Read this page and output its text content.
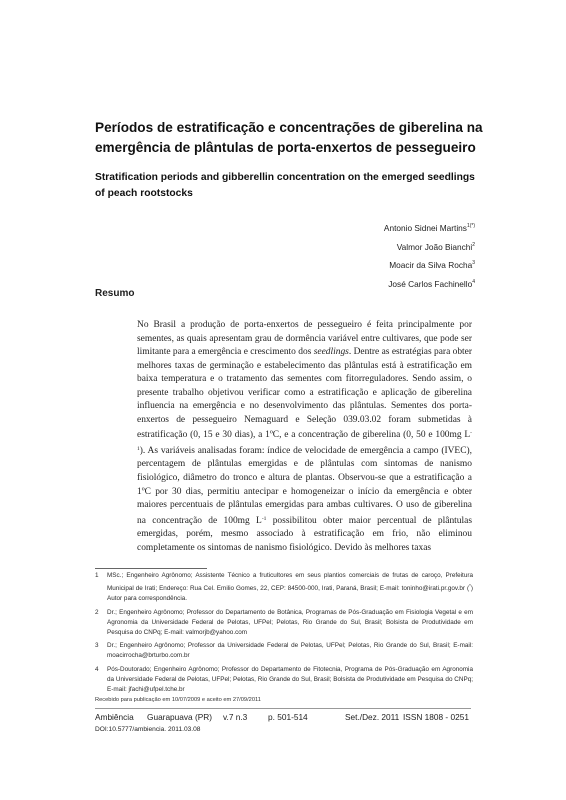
Períodos de estratificação e concentrações de giberelina na emergência de plântulas de porta-enxertos de pessegueiro
Stratification periods and gibberellin concentration on the emerged seedlings of peach rootstocks
Antonio Sidnei Martins$^{1(*)}$
Valmor João Bianchi$^2$
Moacir da Silva Rocha$^3$
José Carlos Fachinello$^4$
Resumo
No Brasil a produção de porta-enxertos de pessegueiro é feita principalmente por sementes, as quais apresentam grau de dormência variável entre cultivares, que pode ser limitante para a emergência e crescimento dos seedlings. Dentre as estratégias para obter melhores taxas de germinação e estabelecimento das plântulas está à estratificação em baixa temperatura e o tratamento das sementes com fitorreguladores. Sendo assim, o presente trabalho objetivou verificar como a estratificação e aplicação de giberelina influencia na emergência e no desenvolvimento das plântulas. Sementes dos porta-enxertos de pessegueiro Nemaguard e Seleção 039.03.02 foram submetidas à estratificação (0, 15 e 30 dias), a 1ºC, e a concentração de giberelina (0, 50 e 100mg $L^{-1}$). As variáveis analisadas foram: índice de velocidade de emergência a campo (IVEC), percentagem de plântulas emergidas e de plântulas com sintomas de nanismo fisiológico, diâmetro do tronco e altura de plantas. Observou-se que a estratificação a 1ºC por 30 dias, permitiu antecipar e homogeneizar o início da emergência e obter maiores percentuais de plântulas emergidas para ambas cultivares. O uso de giberelina na concentração de 100mg $L^{-1}$ possibilitou obter maior percentual de plântulas emergidas, porém, mesmo associado à estratificação em frio, não eliminou completamente os sintomas de nanismo fisiológico. Devido às melhores taxas
1	MSc.; Engenheiro Agrônomo; Assistente Técnico a fruticultores em seus plantios comerciais de frutas de caroço, Prefeitura Municipal de Irati; Endereço: Rua Cel. Emilio Gomes, 22, CEP: 84500-000, Irati, Paraná, Brasil; E-mail: toninho@irati.pr.gov.br (*) Autor para correspondência.
2	Dr.; Engenheiro Agrônomo; Professor do Departamento de Botânica, Programas de Pós-Graduação em Fisiologia Vegetal e em Agronomia da Universidade Federal de Pelotas, UFPel; Pelotas, Rio Grande do Sul, Brasil; Bolsista de Produtividade em Pesquisa do CNPq; E-mail: valmorjb@yahoo.com
3	Dr.; Engenheiro Agrônomo; Professor da Universidade Federal de Pelotas, UFPel; Pelotas, Rio Grande do Sul, Brasil; E-mail: moacirrocha@brturbo.com.br
4	Pós-Doutorado; Engenheiro Agrônomo; Professor do Departamento de Fitotecnia, Programa de Pós-Graduação em Agronomia da Universidade Federal de Pelotas, UFPel; Pelotas, Rio Grande do Sul, Brasil; Bolsista de Produtividade em Pesquisa do CNPq; E-mail: jfachi@ufpel.tche.br
Recebido para publicação em 10/07/2009 e aceito em 27/09/2011
Ambiência Guarapuava (PR) v.7 n.3 p. 501-514	Set./Dez. 2011 ISSN 1808 - 0251
DOI:10.5777/ambiencia. 2011.03.08
